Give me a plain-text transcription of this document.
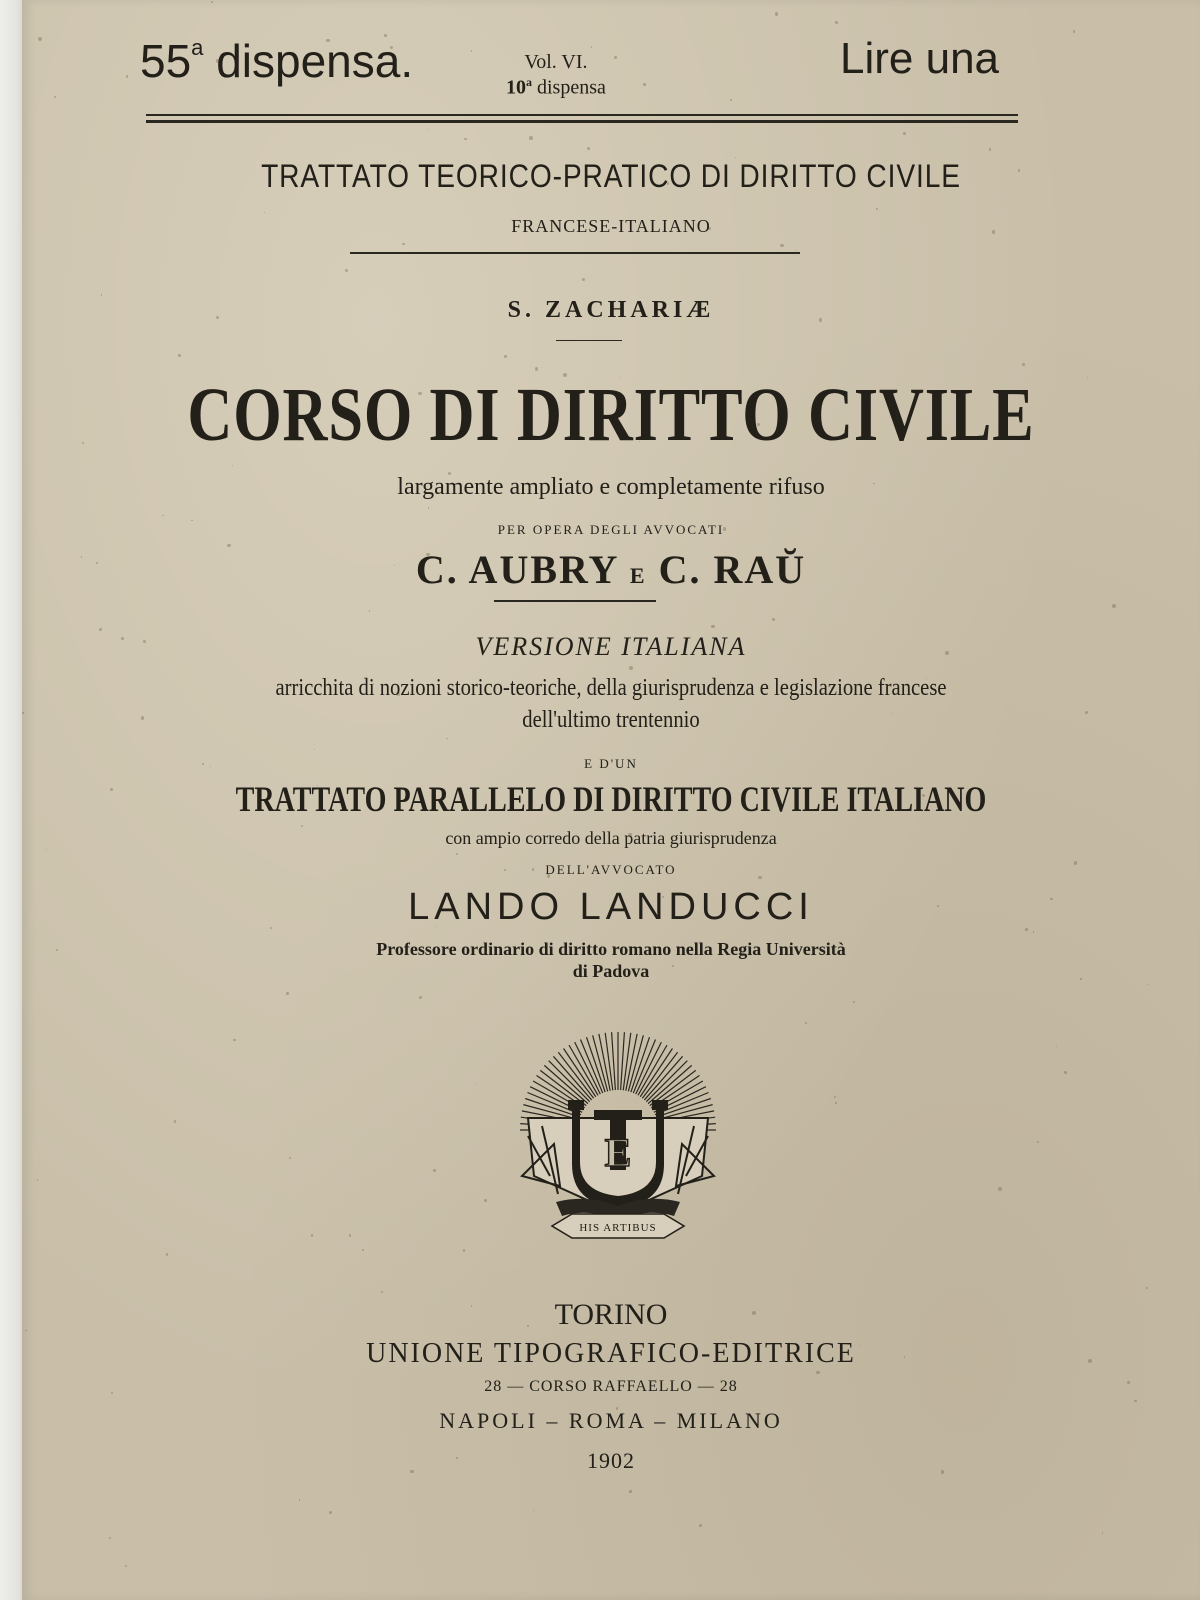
55$^a$ dispensa.	Vol. VI.
10$^a$ dispensa
Lire una
TRATTATO TEORICO-PRATICO DI DIRITTO CIVILE
FRANCESE-ITALIANO
S. ZACHARIÆ
CORSO DI DIRITTO CIVILE
largamente ampliato e completamente rifuso
PER OPERA DEGLI AVVOCATI
C. AUBRY E C. RAŬ
VERSIONE ITALIANA
arricchita di nozioni storico-teoriche, della giurisprudenza e legislazione francese
dell'ultimo trentennio
E D'UN
TRATTATO PARALLELO DI DIRITTO CIVILE ITALIANO
con ampio corredo della patria giurisprudenza
DELL'AVVOCATO
LANDO LANDUCCI
Professore ordinario di diritto romano nella Regia Università
di Padova
E
HIS ARTIBUS
TORINO
UNIONE TIPOGRAFICO-EDITRICE
28 — CORSO RAFFAELLO — 28
NAPOLI – ROMA – MILANO
1902
